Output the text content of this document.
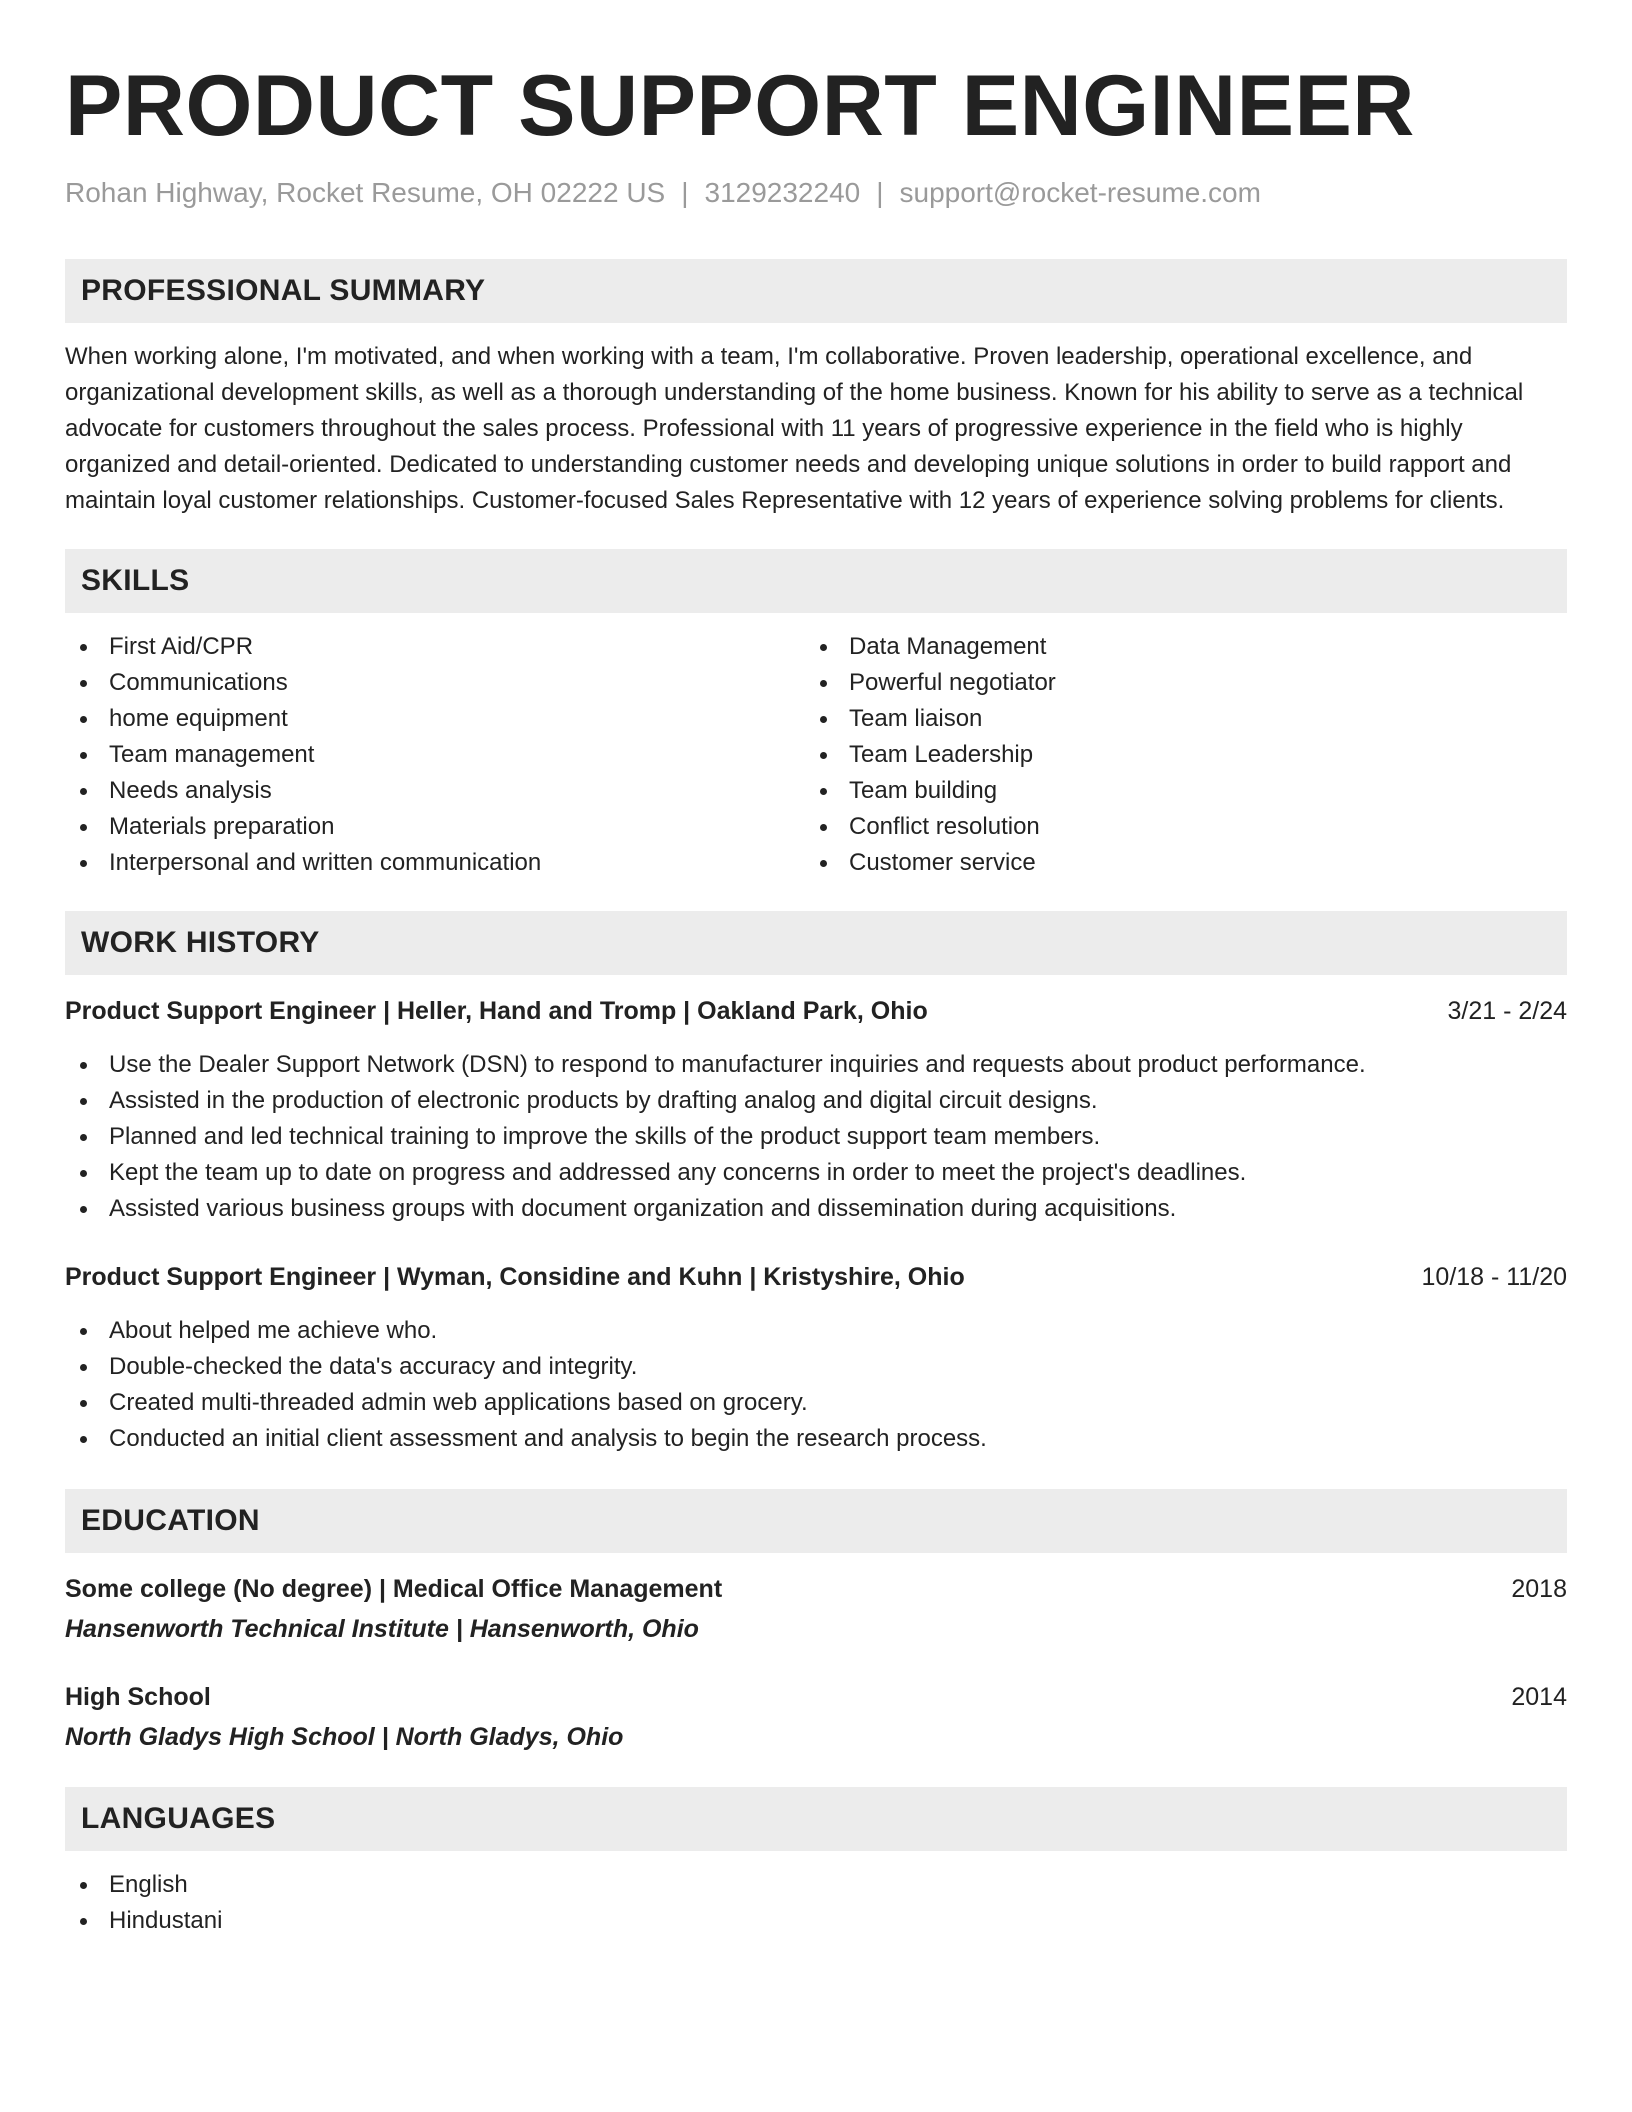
PRODUCT SUPPORT ENGINEER
Rohan Highway, Rocket Resume, OH 02222 US | 3129232240 | support@rocket-resume.com
PROFESSIONAL SUMMARY
When working alone, I'm motivated, and when working with a team, I'm collaborative. Proven leadership, operational excellence, and organizational development skills, as well as a thorough understanding of the home business. Known for his ability to serve as a technical advocate for customers throughout the sales process. Professional with 11 years of progressive experience in the field who is highly organized and detail-oriented. Dedicated to understanding customer needs and developing unique solutions in order to build rapport and maintain loyal customer relationships. Customer-focused Sales Representative with 12 years of experience solving problems for clients.
SKILLS
First Aid/CPR
Communications
home equipment
Team management
Needs analysis
Materials preparation
Interpersonal and written communication
Data Management
Powerful negotiator
Team liaison
Team Leadership
Team building
Conflict resolution
Customer service
WORK HISTORY
Product Support Engineer | Heller, Hand and Tromp | Oakland Park, Ohio	3/21 - 2/24
Use the Dealer Support Network (DSN) to respond to manufacturer inquiries and requests about product performance.
Assisted in the production of electronic products by drafting analog and digital circuit designs.
Planned and led technical training to improve the skills of the product support team members.
Kept the team up to date on progress and addressed any concerns in order to meet the project's deadlines.
Assisted various business groups with document organization and dissemination during acquisitions.
Product Support Engineer | Wyman, Considine and Kuhn | Kristyshire, Ohio	10/18 - 11/20
About helped me achieve who.
Double-checked the data's accuracy and integrity.
Created multi-threaded admin web applications based on grocery.
Conducted an initial client assessment and analysis to begin the research process.
EDUCATION
Some college (No degree) | Medical Office Management	2018
Hansenworth Technical Institute | Hansenworth, Ohio
High School	2014
North Gladys High School | North Gladys, Ohio
LANGUAGES
English
Hindustani
